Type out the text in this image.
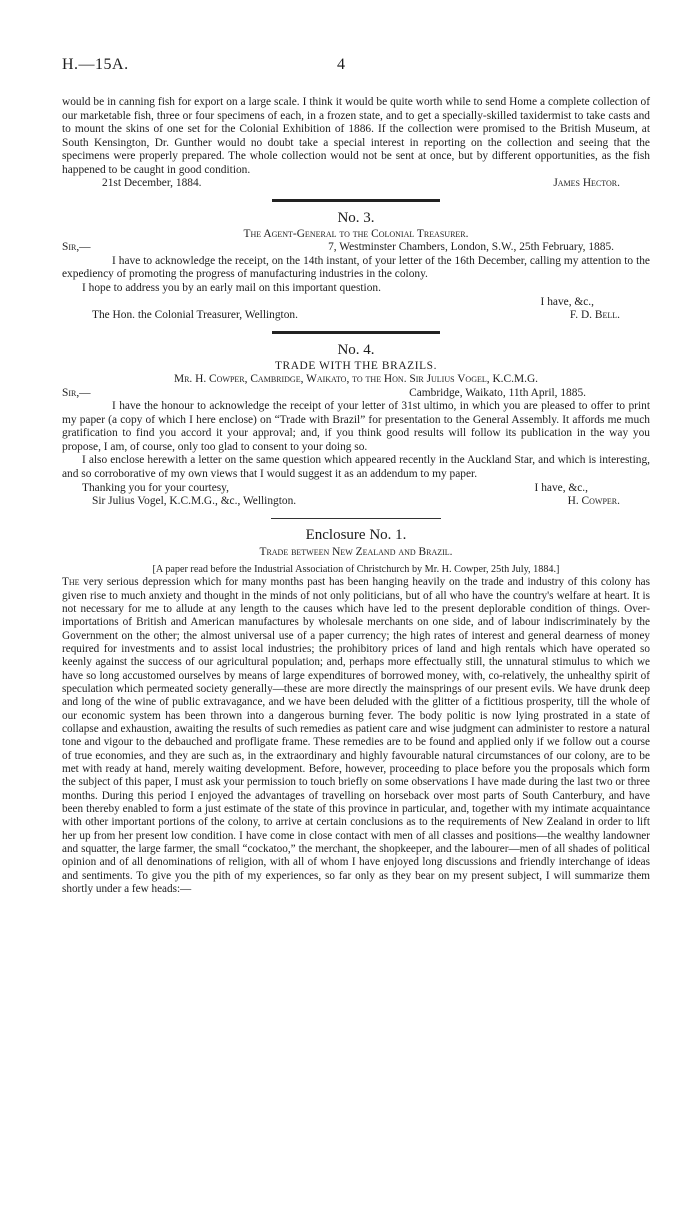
H.—15A.	4

would be in canning fish for export on a large scale. I think it would be quite worth while to send Home a complete collection of our marketable fish, three or four specimens of each, in a frozen state, and to get a specially-skilled taxidermist to take casts and to mount the skins of one set for the Colonial Exhibition of 1886. If the collection were promised to the British Museum, at South Kensington, Dr. Gunther would no doubt take a special interest in reporting on the collection and seeing that the specimens were properly prepared. The whole collection would not be sent at once, but by different opportunities, as the fish happened to be caught in good condition.

21st December, 1884.	James Hector.
No. 3.
The Agent-General to the Colonial Treasurer.
Sir,—	7, Westminster Chambers, London, S.W., 25th February, 1885.

I have to acknowledge the receipt, on the 14th instant, of your letter of the 16th December, calling my attention to the expediency of promoting the progress of manufacturing industries in the colony.

I hope to address you by an early mail on this important question.

I have, &c.,
The Hon. the Colonial Treasurer, Wellington.	F. D. Bell.
No. 4.
TRADE WITH THE BRAZILS.
Mr. H. Cowper, Cambridge, Waikato, to the Hon. Sir Julius Vogel, K.C.M.G.
Sir,—	Cambridge, Waikato, 11th April, 1885.

I have the honour to acknowledge the receipt of your letter of 31st ultimo, in which you are pleased to offer to print my paper (a copy of which I here enclose) on “Trade with Brazil” for presentation to the General Assembly. It affords me much gratification to find you accord it your approval; and, if you think good results will follow its publication in the way you propose, I am, of course, only too glad to consent to your doing so.

I also enclose herewith a letter on the same question which appeared recently in the Auckland Star, and which is interesting, and so corroborative of my own views that I would suggest it as an addendum to my paper.

Thanking you for your courtesy,	I have, &c.,
Sir Julius Vogel, K.C.M.G., &c., Wellington.	H. Cowper.
Enclosure No. 1.
Trade between New Zealand and Brazil.
[A paper read before the Industrial Association of Christchurch by Mr. H. Cowper, 25th July, 1884.]

The very serious depression which for many months past has been hanging heavily on the trade and industry of this colony has given rise to much anxiety and thought in the minds of not only politicians, but of all who have the country's welfare at heart. It is not necessary for me to allude at any length to the causes which have led to the present deplorable condition of things. Over-importations of British and American manufactures by wholesale merchants on one side, and of labour indiscriminately by the Government on the other; the almost universal use of a paper currency; the high rates of interest and general dearness of money required for investments and to assist local industries; the prohibitory prices of land and high rentals which have operated so keenly against the success of our agricultural population; and, perhaps more effectually still, the unnatural stimulus to which we have so long accustomed ourselves by means of large expenditures of borrowed money, with, co-relatively, the unhealthy spirit of speculation which permeated society generally—these are more directly the mainsprings of our present evils. We have drunk deep and long of the wine of public extravagance, and we have been deluded with the glitter of a fictitious prosperity, till the whole of our economic system has been thrown into a dangerous burning fever. The body politic is now lying prostrated in a state of collapse and exhaustion, awaiting the results of such remedies as patient care and wise judgment can administer to restore a natural tone and vigour to the debauched and profligate frame. These remedies are to be found and applied only if we follow out a course of true economies, and they are such as, in the extraordinary and highly favourable natural circumstances of our colony, are to be met with ready at hand, merely waiting development. Before, however, proceeding to place before you the proposals which form the subject of this paper, I must ask your permission to touch briefly on some observations I have made during the last two or three months. During this period I enjoyed the advantages of travelling on horseback over most parts of South Canterbury, and have been thereby enabled to form a just estimate of the state of this province in particular, and, together with my intimate acquaintance with other important portions of the colony, to arrive at certain conclusions as to the requirements of New Zealand in order to lift her up from her present low condition. I have come in close contact with men of all classes and positions—the wealthy landowner and squatter, the large farmer, the small “cockatoo,” the merchant, the shopkeeper, and the labourer—men of all shades of political opinion and of all denominations of religion, with all of whom I have enjoyed long discussions and friendly interchange of ideas and sentiments. To give you the pith of my experiences, so far only as they bear on my present subject, I will summarize them shortly under a few heads:—
